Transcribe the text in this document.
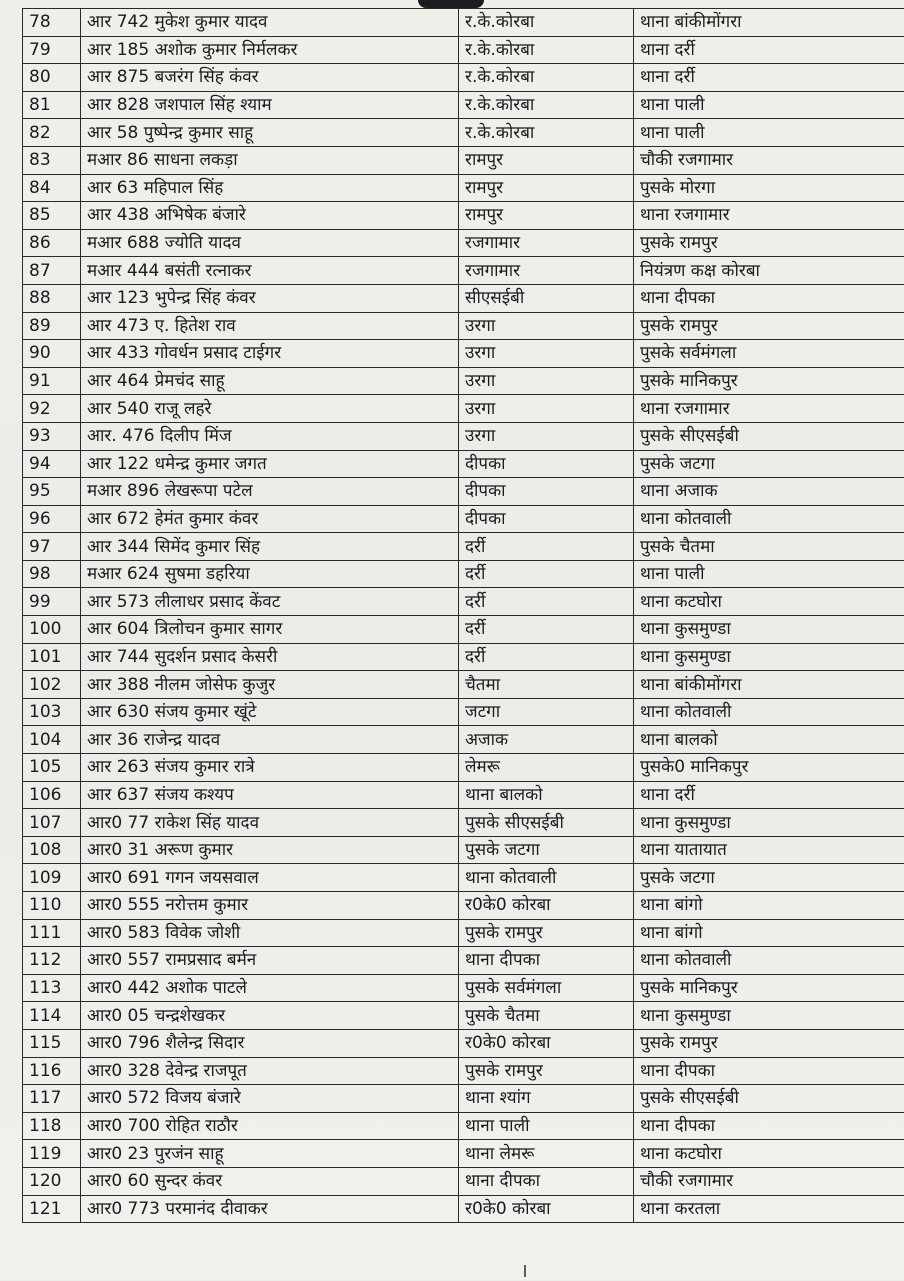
78	आर 742 मुकेश कुमार यादव	र.के.कोरबा	थाना बांकीमोंगरा
79	आर 185 अशोक कुमार निर्मलकर	र.के.कोरबा	थाना दर्री
80	आर 875 बजरंग सिंह कंवर	र.के.कोरबा	थाना दर्री
81	आर 828 जशपाल सिंह श्याम	र.के.कोरबा	थाना पाली
82	आर 58 पुष्पेन्द्र कुमार साहू	र.के.कोरबा	थाना पाली
83	मआर 86 साधना लकड़ा	रामपुर	चौकी रजगामार
84	आर 63 महिपाल सिंह	रामपुर	पुसके मोरगा
85	आर 438 अभिषेक बंजारे	रामपुर	थाना रजगामार
86	मआर 688 ज्योति यादव	रजगामार	पुसके रामपुर
87	मआर 444 बसंती रत्नाकर	रजगामार	नियंत्रण कक्ष कोरबा
88	आर 123 भुपेन्द्र सिंह कंवर	सीएसईबी	थाना दीपका
89	आर 473 ए. हितेश राव	उरगा	पुसके रामपुर
90	आर 433 गोवर्धन प्रसाद टाईगर	उरगा	पुसके सर्वमंगला
91	आर 464 प्रेमचंद साहू	उरगा	पुसके मानिकपुर
92	आर 540 राजू लहरे	उरगा	थाना रजगामार
93	आर. 476 दिलीप मिंज	उरगा	पुसके सीएसईबी
94	आर 122 धमेन्द्र कुमार जगत	दीपका	पुसके जटगा
95	मआर 896 लेखरूपा पटेल	दीपका	थाना अजाक
96	आर 672 हेमंत कुमार कंवर	दीपका	थाना कोतवाली
97	आर 344 सिमेंद कुमार सिंह	दर्री	पुसके चैतमा
98	मआर 624 सुषमा डहरिया	दर्री	थाना पाली
99	आर 573 लीलाधर प्रसाद केंवट	दर्री	थाना कटघोरा
100	आर 604 त्रिलोचन कुमार सागर	दर्री	थाना कुसमुण्डा
101	आर 744 सुदर्शन प्रसाद केसरी	दर्री	थाना कुसमुण्डा
102	आर 388 नीलम जोसेफ कुजुर	चैतमा	थाना बांकीमोंगरा
103	आर 630 संजय कुमार खूंटे	जटगा	थाना कोतवाली
104	आर 36 राजेन्द्र यादव	अजाक	थाना बालको
105	आर 263 संजय कुमार रात्रे	लेमरू	पुसके0 मानिकपुर
106	आर 637 संजय कश्यप	थाना बालको	थाना दर्री
107	आर0 77 राकेश सिंह यादव	पुसके सीएसईबी	थाना कुसमुण्डा
108	आर0 31 अरूण कुमार	पुसके जटगा	थाना यातायात
109	आर0 691 गगन जयसवाल	थाना कोतवाली	पुसके जटगा
110	आर0 555 नरोत्तम कुमार	र0के0 कोरबा	थाना बांगो
111	आर0 583 विवेक जोशी	पुसके रामपुर	थाना बांगो
112	आर0 557 रामप्रसाद बर्मन	थाना दीपका	थाना कोतवाली
113	आर0 442 अशोक पाटले	पुसके सर्वमंगला	पुसके मानिकपुर
114	आर0 05 चन्द्रशेखकर	पुसके चैतमा	थाना कुसमुण्डा
115	आर0 796 शैलेन्द्र सिदार	र0के0 कोरबा	पुसके रामपुर
116	आर0 328 देवेन्द्र राजपूत	पुसके रामपुर	थाना दीपका
117	आर0 572 विजय बंजारे	थाना श्यांग	पुसके सीएसईबी
118	आर0 700 रोहित राठौर	थाना पाली	थाना दीपका
119	आर0 23 पुरजंन साहू	थाना लेमरू	थाना कटघोरा
120	आर0 60 सुन्दर कंवर	थाना दीपका	चौकी रजगामार
121	आर0 773 परमानंद दीवाकर	र0के0 कोरबा	थाना करतला
ا
